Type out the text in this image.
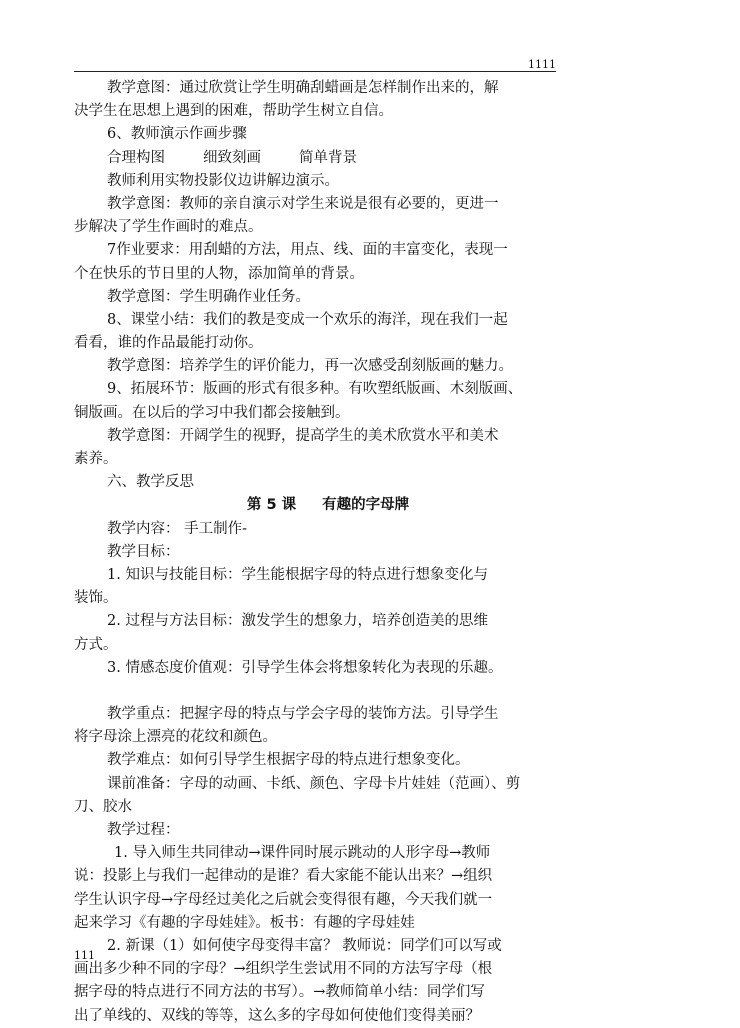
1111
教学意图：通过欣赏让学生明确刮蜡画是怎样制作出来的，解
决学生在思想上遇到的困难，帮助学生树立自信。
6、教师演示作画步骤
合理构图	细致刻画	简单背景
教师利用实物投影仪边讲解边演示。
教学意图：教师的亲自演示对学生来说是很有必要的，更进一
步解决了学生作画时的难点。
7作业要求：用刮蜡的方法，用点、线、面的丰富变化，表现一
个在快乐的节日里的人物，添加简单的背景。
教学意图：学生明确作业任务。
8、课堂小结：我们的教是变成一个欢乐的海洋，现在我们一起
看看，谁的作品最能打动你。
教学意图：培养学生的评价能力，再一次感受刮刻版画的魅力。
9、拓展环节：版画的形式有很多种。有吹塑纸版画、木刻版画、
铜版画。在以后的学习中我们都会接触到。
教学意图：开阔学生的视野，提高学生的美术欣赏水平和美术
素养。
六、教学反思
第 5 课 有趣的字母牌
教学内容： 手工制作-
教学目标：
1. 知识与技能目标：学生能根据字母的特点进行想象变化与
装饰。
2. 过程与方法目标：激发学生的想象力，培养创造美的思维
方式。
3. 情感态度价值观：引导学生体会将想象转化为表现的乐趣。
教学重点：把握字母的特点与学会字母的装饰方法。引导学生
将字母涂上漂亮的花纹和颜色。
教学难点：如何引导学生根据字母的特点进行想象变化。
课前准备：字母的动画、卡纸、颜色、字母卡片娃娃（范画）、剪
刀、胶水
教学过程：
1. 导入师生共同律动→课件同时展示跳动的人形字母→教师
说：投影上与我们一起律动的是谁？看大家能不能认出来？→组织
学生认识字母→字母经过美化之后就会变得很有趣，今天我们就一
起来学习《有趣的字母娃娃》。板书：有趣的字母娃娃
2. 新课（1）如何使字母变得丰富？ 教师说：同学们可以写或
画出多少种不同的字母？→组织学生尝试用不同的方法写字母（根
据字母的特点进行不同方法的书写）。→教师简单小结：同学们写
出了单线的、双线的等等，这么多的字母如何使他们变得美丽？
111
